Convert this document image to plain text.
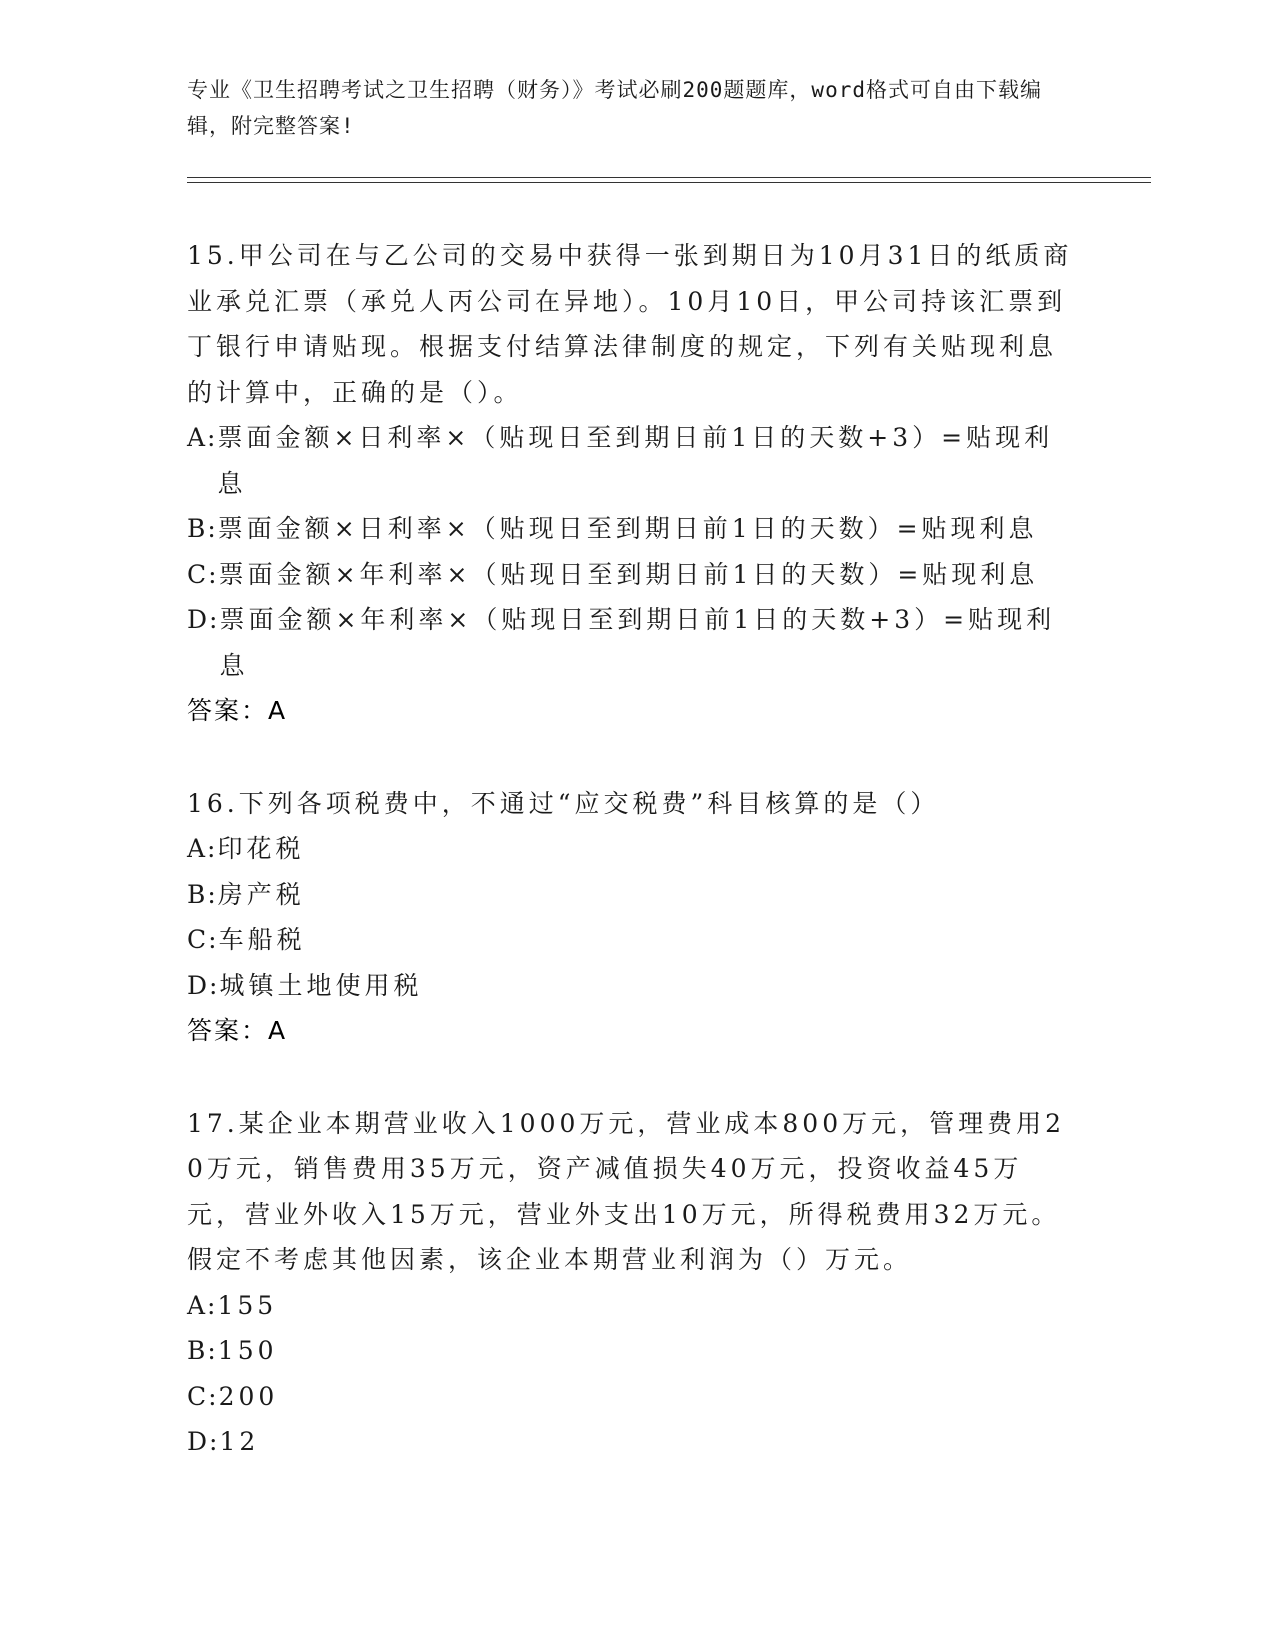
专业《卫生招聘考试之卫生招聘（财务）》考试必刷200题题库，word格式可自由下载编辑，附完整答案!

15.甲公司在与乙公司的交易中获得一张到期日为10月31日的纸质商业承兑汇票（承兑人丙公司在异地）。10月10日，甲公司持该汇票到丁银行申请贴现。根据支付结算法律制度的规定，下列有关贴现利息的计算中，正确的是（）。

A: 票面金额×日利率×（贴现日至到期日前1日的天数+3）=贴现利息

B: 票面金额×日利率×（贴现日至到期日前1日的天数）=贴现利息

C: 票面金额×年利率×（贴现日至到期日前1日的天数）=贴现利息

D: 票面金额×年利率×（贴现日至到期日前1日的天数+3）=贴现利息

答案：A

16.下列各项税费中，不通过“应交税费”科目核算的是（）

A: 印花税

B: 房产税

C: 车船税

D: 城镇土地使用税

答案：A

17.某企业本期营业收入1000万元，营业成本800万元，管理费用20万元，销售费用35万元，资产减值损失40万元，投资收益45万元，营业外收入15万元，营业外支出10万元，所得税费用32万元。假定不考虑其他因素，该企业本期营业利润为（）万元。

A: 155

B: 150

C: 200

D: 12
